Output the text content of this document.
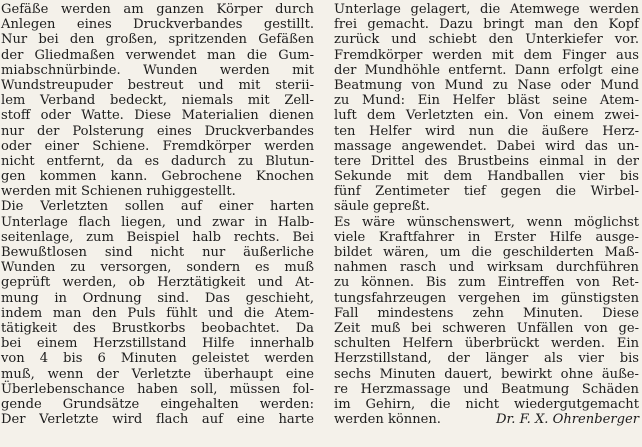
Gefäße werden am ganzen Körper durch
Anlegen eines Druckverbandes gestillt.
Nur bei den großen, spritzenden Gefäßen
der Gliedmaßen verwendet man die Gum-
miabschnürbinde. Wunden werden mit
Wundstreupuder bestreut und mit sterii-
lem Verband bedeckt, niemals mit Zell-
stoff oder Watte. Diese Materialien dienen
nur der Polsterung eines Druckverbandes
oder einer Schiene. Fremdkörper werden
nicht entfernt, da es dadurch zu Blutun-
gen kommen kann. Gebrochene Knochen
werden mit Schienen ruhiggestellt.
Die Verletzten sollen auf einer harten
Unterlage flach liegen, und zwar in Halb-
seitenlage, zum Beispiel halb rechts. Bei
Bewußtlosen sind nicht nur äußerliche
Wunden zu versorgen, sondern es muß
geprüft werden, ob Herztätigkeit und At-
mung in Ordnung sind. Das geschieht,
indem man den Puls fühlt und die Atem-
tätigkeit des Brustkorbs beobachtet. Da
bei einem Herzstillstand Hilfe innerhalb
von 4 bis 6 Minuten geleistet werden
muß, wenn der Verletzte überhaupt eine
Überlebenschance haben soll, müssen fol-
gende Grundsätze eingehalten werden:
Der Verletzte wird flach auf eine harte
Unterlage gelagert, die Atemwege werden
frei gemacht. Dazu bringt man den Kopf
zurück und schiebt den Unterkiefer vor.
Fremdkörper werden mit dem Finger aus
der Mundhöhle entfernt. Dann erfolgt eine
Beatmung von Mund zu Nase oder Mund
zu Mund: Ein Helfer bläst seine Atem-
luft dem Verletzten ein. Von einem zwei-
ten Helfer wird nun die äußere Herz-
massage angewendet. Dabei wird das un-
tere Drittel des Brustbeins einmal in der
Sekunde mit dem Handballen vier bis
fünf Zentimeter tief gegen die Wirbel-
säule gepreßt.
Es wäre wünschenswert, wenn möglichst
viele Kraftfahrer in Erster Hilfe ausge-
bildet wären, um die geschilderten Maß-
nahmen rasch und wirksam durchführen
zu können. Bis zum Eintreffen von Ret-
tungsfahrzeugen vergehen im günstigsten
Fall mindestens zehn Minuten. Diese
Zeit muß bei schweren Unfällen von ge-
schulten Helfern überbrückt werden. Ein
Herzstillstand, der länger als vier bis
sechs Minuten dauert, bewirkt ohne äuße-
re Herzmassage und Beatmung Schäden
im Gehirn, die nicht wiedergutgemacht
werden können.	Dr. F. X. Ohrenberger
